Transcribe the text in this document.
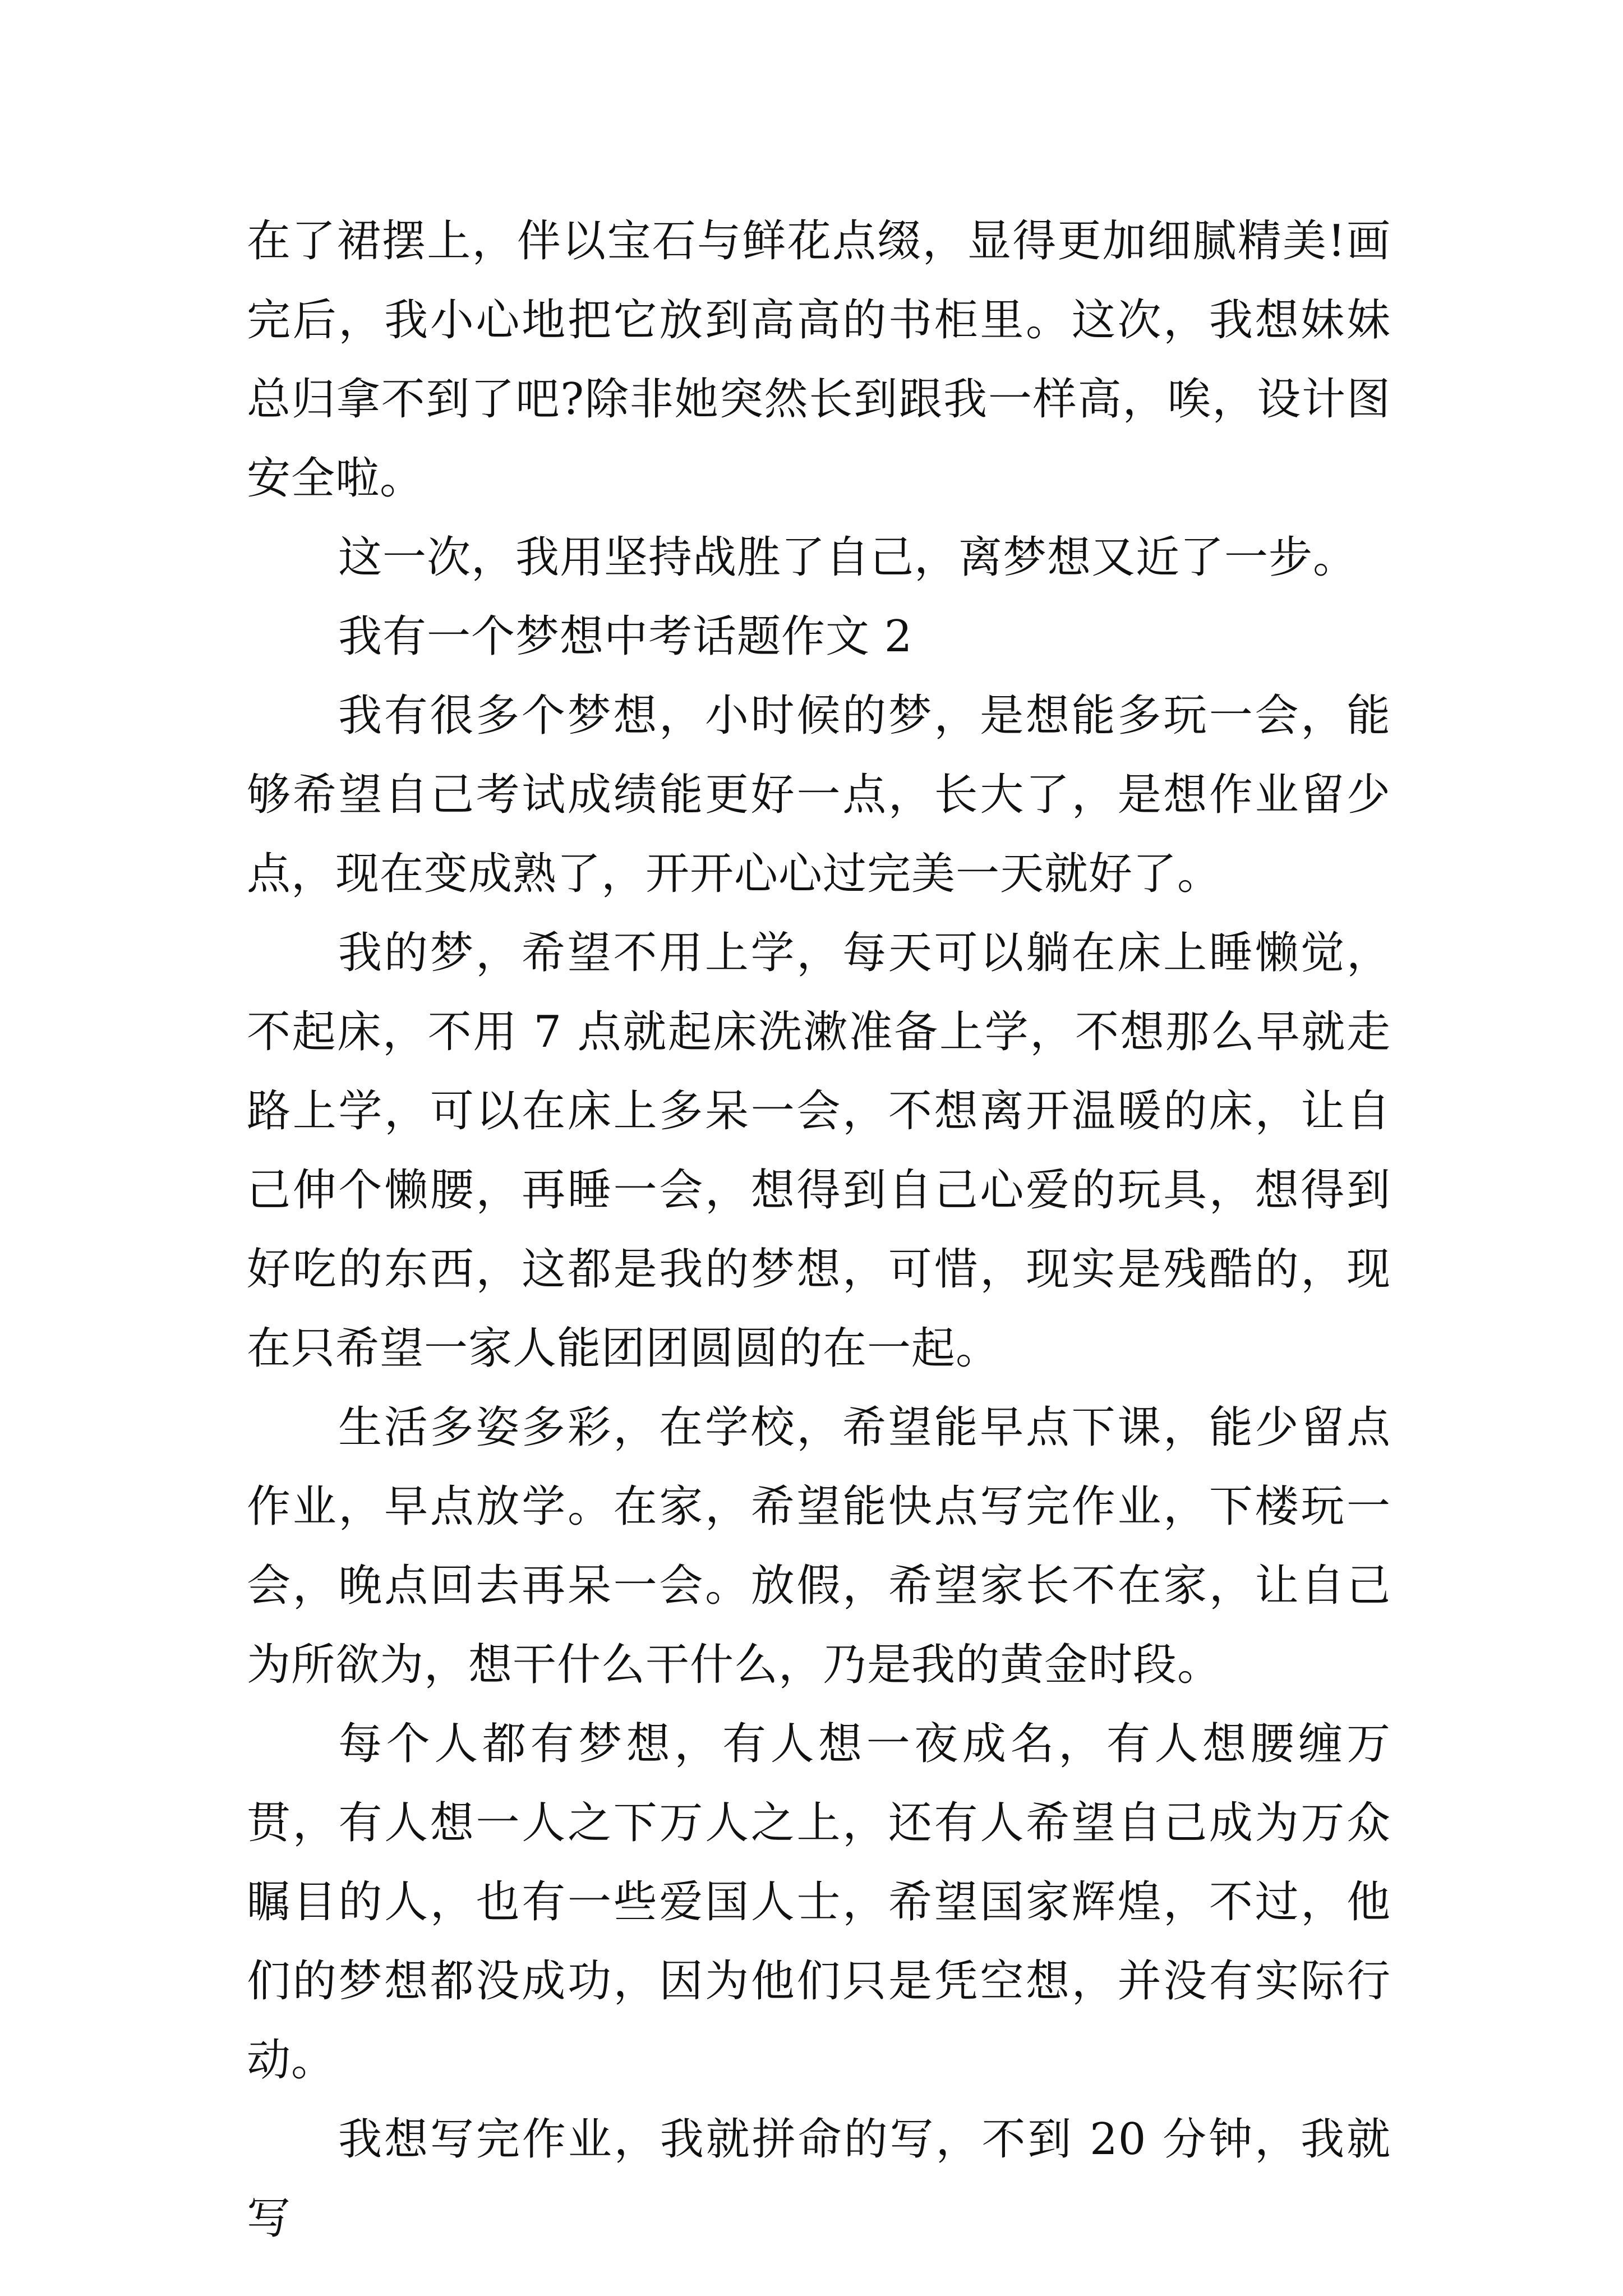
在了裙摆上，伴以宝石与鲜花点缀，显得更加细腻精美!画完后，我小心地把它放到高高的书柜里。这次，我想妹妹总归拿不到了吧?除非她突然长到跟我一样高，唉，设计图安全啦。

这一次，我用坚持战胜了自己，离梦想又近了一步。

我有一个梦想中考话题作文 2

我有很多个梦想，小时候的梦，是想能多玩一会，能够希望自己考试成绩能更好一点，长大了，是想作业留少点，现在变成熟了，开开心心过完美一天就好了。

我的梦，希望不用上学，每天可以躺在床上睡懒觉，不起床，不用 7 点就起床洗漱准备上学，不想那么早就走路上学，可以在床上多呆一会，不想离开温暖的床，让自己伸个懒腰，再睡一会，想得到自己心爱的玩具，想得到好吃的东西，这都是我的梦想，可惜，现实是残酷的，现在只希望一家人能团团圆圆的在一起。

生活多姿多彩，在学校，希望能早点下课，能少留点作业，早点放学。在家，希望能快点写完作业，下楼玩一会，晚点回去再呆一会。放假，希望家长不在家，让自己为所欲为，想干什么干什么，乃是我的黄金时段。

每个人都有梦想，有人想一夜成名，有人想腰缠万贯，有人想一人之下万人之上，还有人希望自己成为万众瞩目的人，也有一些爱国人士，希望国家辉煌，不过，他们的梦想都没成功，因为他们只是凭空想，并没有实际行动。

我想写完作业，我就拼命的写，不到 20 分钟，我就写
